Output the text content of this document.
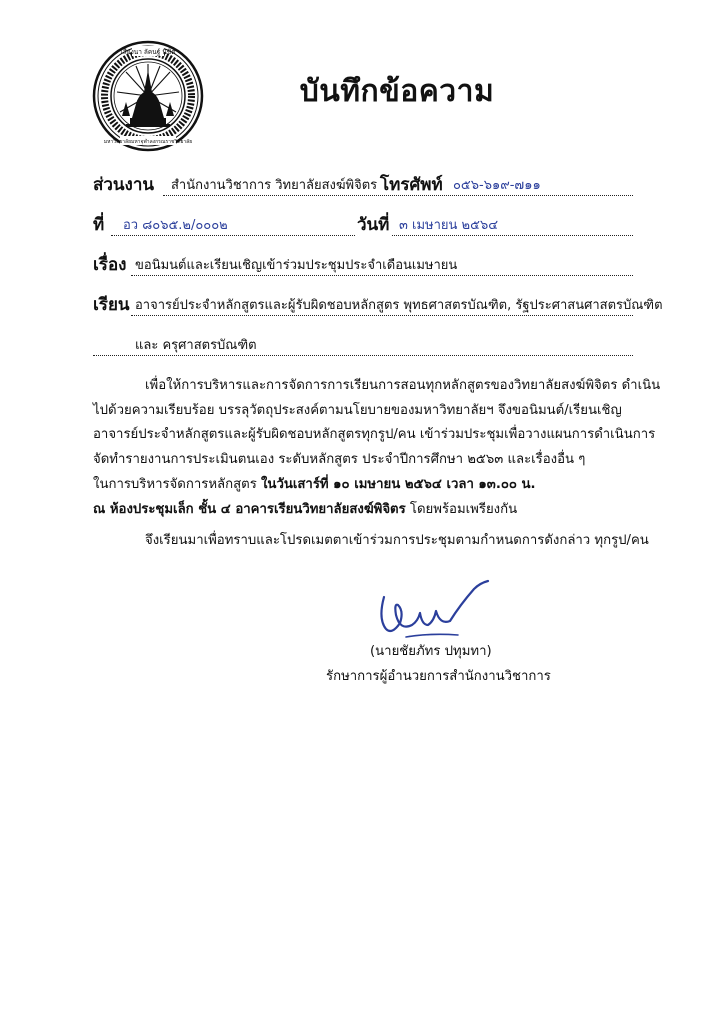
เสียงนา ลัคนฐ์ นิชิต
มหาวิทยาลัยมหาจุฬาลงกรณราชวิทยาลัย
บันทึกข้อความ
ส่วนงาน สำนักงานวิชาการ วิทยาลัยสงฆ์พิจิตร โทรศัพท์ ๐๕๖-๖๑๙-๗๑๑
ที่ อว ๘๐๖๕.๒/๐๐๐๒	วันที่ ๓ เมษายน ๒๕๖๔
เรื่อง ขอนิมนต์และเรียนเชิญเข้าร่วมประชุมประจำเดือนเมษายน
เรียน อาจารย์ประจำหลักสูตรและผู้รับผิดชอบหลักสูตร พุทธศาสตรบัณฑิต, รัฐประศาสนศาสตรบัณฑิต
และ ครุศาสตรบัณฑิต
เพื่อให้การบริหารและการจัดการการเรียนการสอนทุกหลักสูตรของวิทยาลัยสงฆ์พิจิตร ดำเนิน
ไปด้วยความเรียบร้อย บรรลุวัตถุประสงค์ตามนโยบายของมหาวิทยาลัยฯ จึงขอนิมนต์/เรียนเชิญ
อาจารย์ประจำหลักสูตรและผู้รับผิดชอบหลักสูตรทุกรูป/คน เข้าร่วมประชุมเพื่อวางแผนการดำเนินการ
จัดทำรายงานการประเมินตนเอง ระดับหลักสูตร ประจำปีการศึกษา ๒๕๖๓ และเรื่องอื่น ๆ
ในการบริหารจัดการหลักสูตร ในวันเสาร์ที่ ๑๐ เมษายน ๒๕๖๔ เวลา ๑๓.๐๐ น.
ณ ห้องประชุมเล็ก ชั้น ๔ อาคารเรียนวิทยาลัยสงฆ์พิจิตร โดยพร้อมเพรียงกัน
จึงเรียนมาเพื่อทราบและโปรดเมตตาเข้าร่วมการประชุมตามกำหนดการดังกล่าว ทุกรูป/คน
(นายชัยภัทร ปทุมทา)
รักษาการผู้อำนวยการสำนักงานวิชาการ
